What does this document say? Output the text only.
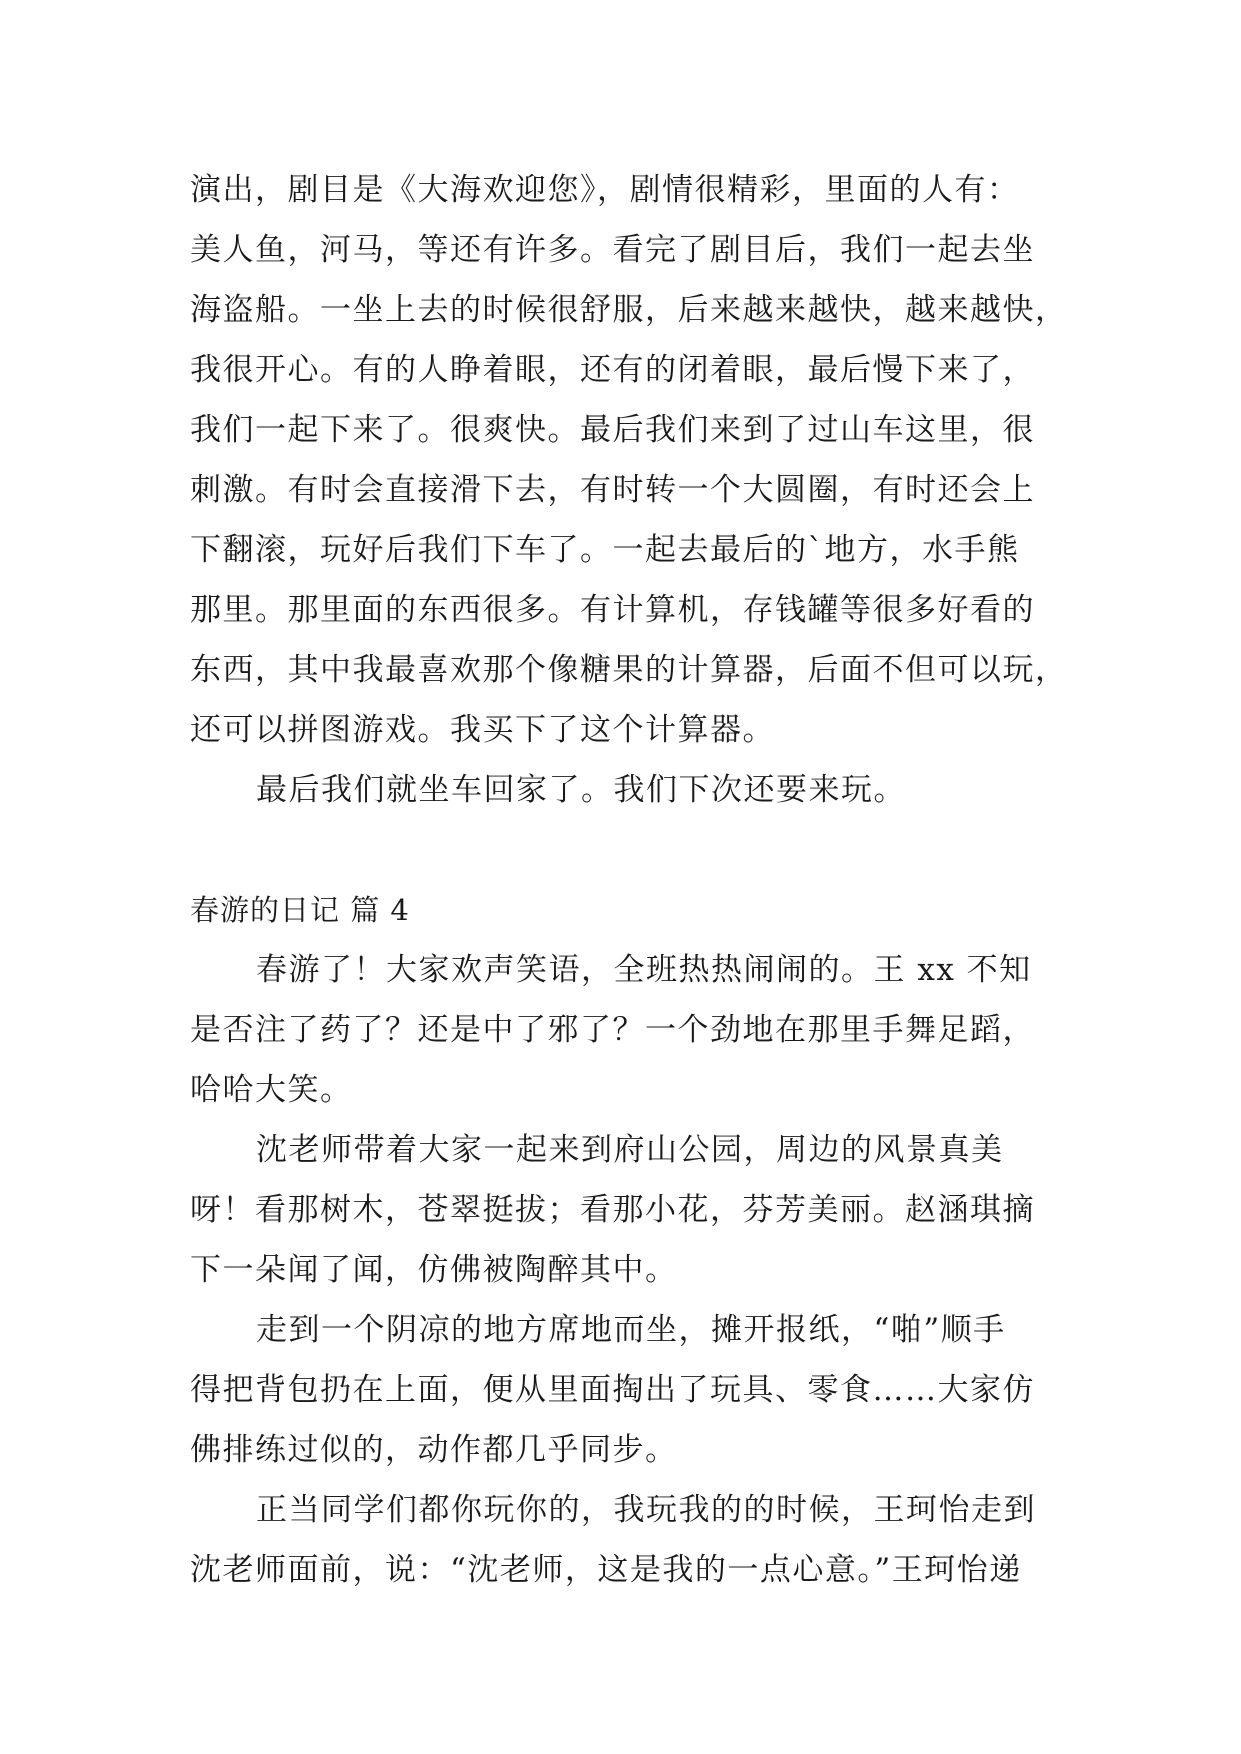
演出，剧目是《大海欢迎您》，剧情很精彩，里面的人有：
美人鱼，河马，等还有许多。看完了剧目后，我们一起去坐
海盗船。一坐上去的时候很舒服，后来越来越快，越来越快，
我很开心。有的人睁着眼，还有的闭着眼，最后慢下来了，
我们一起下来了。很爽快。最后我们来到了过山车这里，很
刺激。有时会直接滑下去，有时转一个大圆圈，有时还会上
下翻滚，玩好后我们下车了。一起去最后的`地方，水手熊
那里。那里面的东西很多。有计算机，存钱罐等很多好看的
东西，其中我最喜欢那个像糖果的计算器，后面不但可以玩，
还可以拼图游戏。我买下了这个计算器。
最后我们就坐车回家了。我们下次还要来玩。
春游的日记 篇 4
春游了！大家欢声笑语，全班热热闹闹的。王 xx 不知
是否注了药了？还是中了邪了？一个劲地在那里手舞足蹈，
哈哈大笑。
沈老师带着大家一起来到府山公园，周边的风景真美
呀！看那树木，苍翠挺拔；看那小花，芬芳美丽。赵涵琪摘
下一朵闻了闻，仿佛被陶醉其中。
走到一个阴凉的地方席地而坐，摊开报纸，“啪”顺手
得把背包扔在上面，便从里面掏出了玩具、零食……大家仿
佛排练过似的，动作都几乎同步。
正当同学们都你玩你的，我玩我的的时候，王珂怡走到
沈老师面前，说：“沈老师，这是我的一点心意。”王珂怡递
